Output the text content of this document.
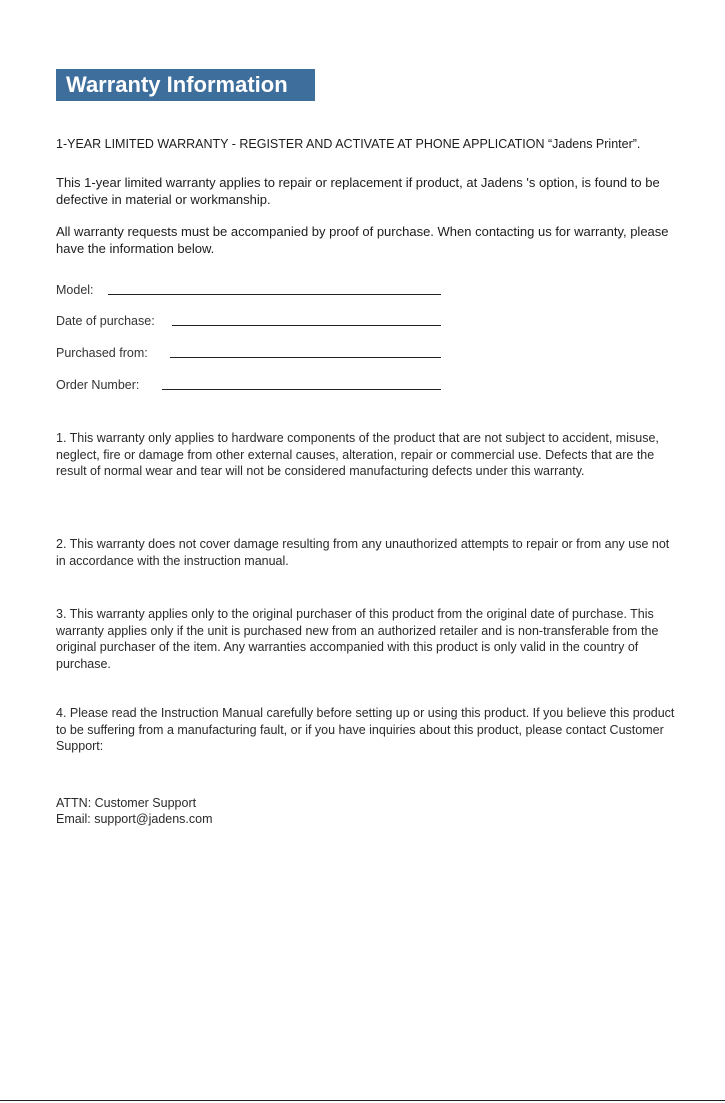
Warranty Information
1-YEAR LIMITED WARRANTY - REGISTER AND ACTIVATE AT PHONE APPLICATION “Jadens Printer”.
This 1-year limited warranty applies to repair or replacement if product, at Jadens 's option, is found to be defective in material or workmanship.
All warranty requests must be accompanied by proof of purchase. When contacting us for warranty, please have the information below.
Model:
Date of purchase:
Purchased from:
Order Number:
1. This warranty only applies to hardware components of the product that are not subject to accident, misuse, neglect, fire or damage from other external causes, alteration, repair or commercial use. Defects that are the result of normal wear and tear will not be considered manufacturing defects under this warranty.
2. This warranty does not cover damage resulting from any unauthorized attempts to repair or from any use not in accordance with the instruction manual.
3. This warranty applies only to the original purchaser of this product from the original date of purchase. This warranty applies only if the unit is purchased new from an authorized retailer and is non-transferable from the original purchaser of the item. Any warranties accompanied with this product is only valid in the country of purchase.
4. Please read the Instruction Manual carefully before setting up or using this product. If you believe this product to be suffering from a manufacturing fault, or if you have inquiries about this product, please contact Customer Support:
ATTN: Customer Support
Email: support@jadens.com
